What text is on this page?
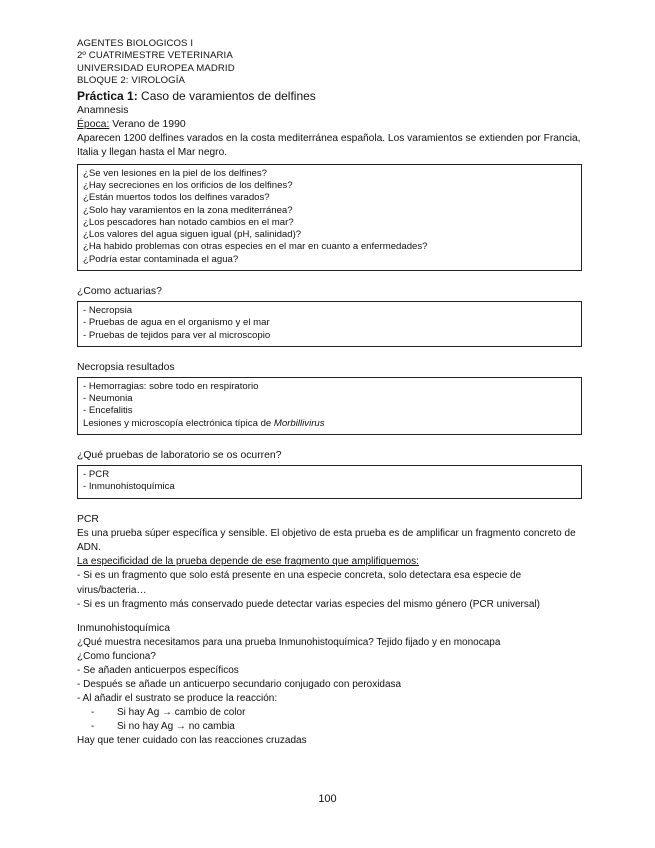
AGENTES BIOLOGICOS I
2º CUATRIMESTRE VETERINARIA
UNIVERSIDAD EUROPEA MADRID
BLOQUE 2: VIROLOGÍA
Práctica 1: Caso de varamientos de delfines
Anamnesis
Época: Verano de 1990
Aparecen 1200 delfines varados en la costa mediterránea española. Los varamientos se extienden por Francia, Italia y llegan hasta el Mar negro.
¿Se ven lesiones en la piel de los delfines?
¿Hay secreciones en los orificios de los delfines?
¿Están muertos todos los delfines varados?
¿Solo hay varamientos en la zona mediterránea?
¿Los pescadores han notado cambios en el mar?
¿Los valores del agua siguen igual (pH, salinidad)?
¿Ha habido problemas con otras especies en el mar en cuanto a enfermedades?
¿Podría estar contaminada el agua?
¿Como actuarias?
- Necropsia
- Pruebas de agua en el organismo y el mar
- Pruebas de tejidos para ver al microscopio
Necropsia resultados
- Hemorragias: sobre todo en respiratorio
- Neumonia
- Encefalitis
Lesiones y microscopía electrónica típica de Morbillivirus
¿Qué pruebas de laboratorio se os ocurren?
- PCR
- Inmunohistoquímica
PCR
Es una prueba súper específica y sensible. El objetivo de esta prueba es de amplificar un fragmento concreto de ADN.
La especificidad de la prueba depende de ese fragmento que amplifiquemos:
- Si es un fragmento que solo está presente en una especie concreta, solo detectara esa especie de virus/bacteria…
- Si es un fragmento más conservado puede detectar varias especies del mismo género (PCR universal)
Inmunohistoquímica
¿Qué muestra necesitamos para una prueba Inmunohistoquímica? Tejido fijado y en monocapa
¿Como funciona?
- Se añaden anticuerpos específicos
- Después se añade un anticuerpo secundario conjugado con peroxidasa
- Al añadir el sustrato se produce la reacción:
- Si hay Ag → cambio de color
- Si no hay Ag → no cambia
Hay que tener cuidado con las reacciones cruzadas
100
